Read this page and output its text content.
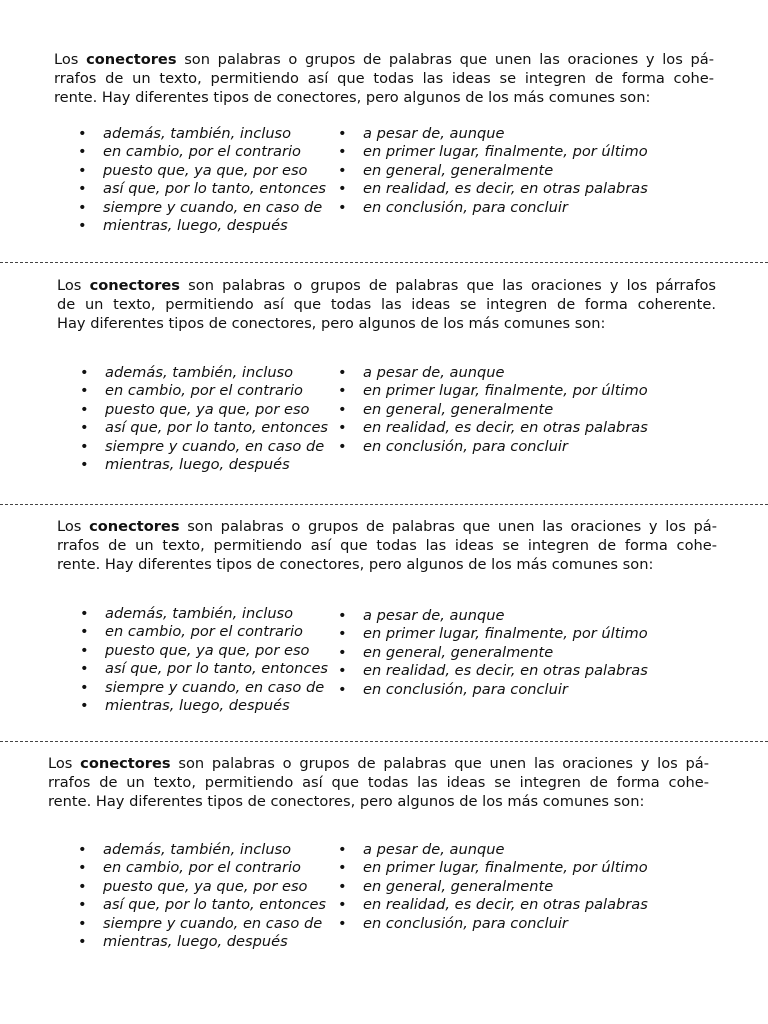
Los conectores son palabras o grupos de palabras que unen las oraciones y los pá-
rrafos de un texto, permitiendo así que todas las ideas se integren de forma cohe-
rente. Hay diferentes tipos de conectores, pero algunos de los más comunes son:

• además, también, incluso
• en cambio, por el contrario
• puesto que, ya que, por eso
• así que, por lo tanto, entonces
• siempre y cuando, en caso de
• mientras, luego, después
• a pesar de, aunque
• en primer lugar, finalmente, por último
• en general, generalmente
• en realidad, es decir, en otras palabras
• en conclusión, para concluir

Los conectores son palabras o grupos de palabras que las oraciones y los párrafos
de un texto, permitiendo así que todas las ideas se integren de forma coherente.
Hay diferentes tipos de conectores, pero algunos de los más comunes son:

• además, también, incluso
• en cambio, por el contrario
• puesto que, ya que, por eso
• así que, por lo tanto, entonces
• siempre y cuando, en caso de
• mientras, luego, después
• a pesar de, aunque
• en primer lugar, finalmente, por último
• en general, generalmente
• en realidad, es decir, en otras palabras
• en conclusión, para concluir

Los conectores son palabras o grupos de palabras que unen las oraciones y los pá-
rrafos de un texto, permitiendo así que todas las ideas se integren de forma cohe-
rente. Hay diferentes tipos de conectores, pero algunos de los más comunes son:

• además, también, incluso
• en cambio, por el contrario
• puesto que, ya que, por eso
• así que, por lo tanto, entonces
• siempre y cuando, en caso de
• mientras, luego, después
• a pesar de, aunque
• en primer lugar, finalmente, por último
• en general, generalmente
• en realidad, es decir, en otras palabras
• en conclusión, para concluir

Los conectores son palabras o grupos de palabras que unen las oraciones y los pá-
rrafos de un texto, permitiendo así que todas las ideas se integren de forma cohe-
rente. Hay diferentes tipos de conectores, pero algunos de los más comunes son:

• además, también, incluso
• en cambio, por el contrario
• puesto que, ya que, por eso
• así que, por lo tanto, entonces
• siempre y cuando, en caso de
• mientras, luego, después
• a pesar de, aunque
• en primer lugar, finalmente, por último
• en general, generalmente
• en realidad, es decir, en otras palabras
• en conclusión, para concluir
